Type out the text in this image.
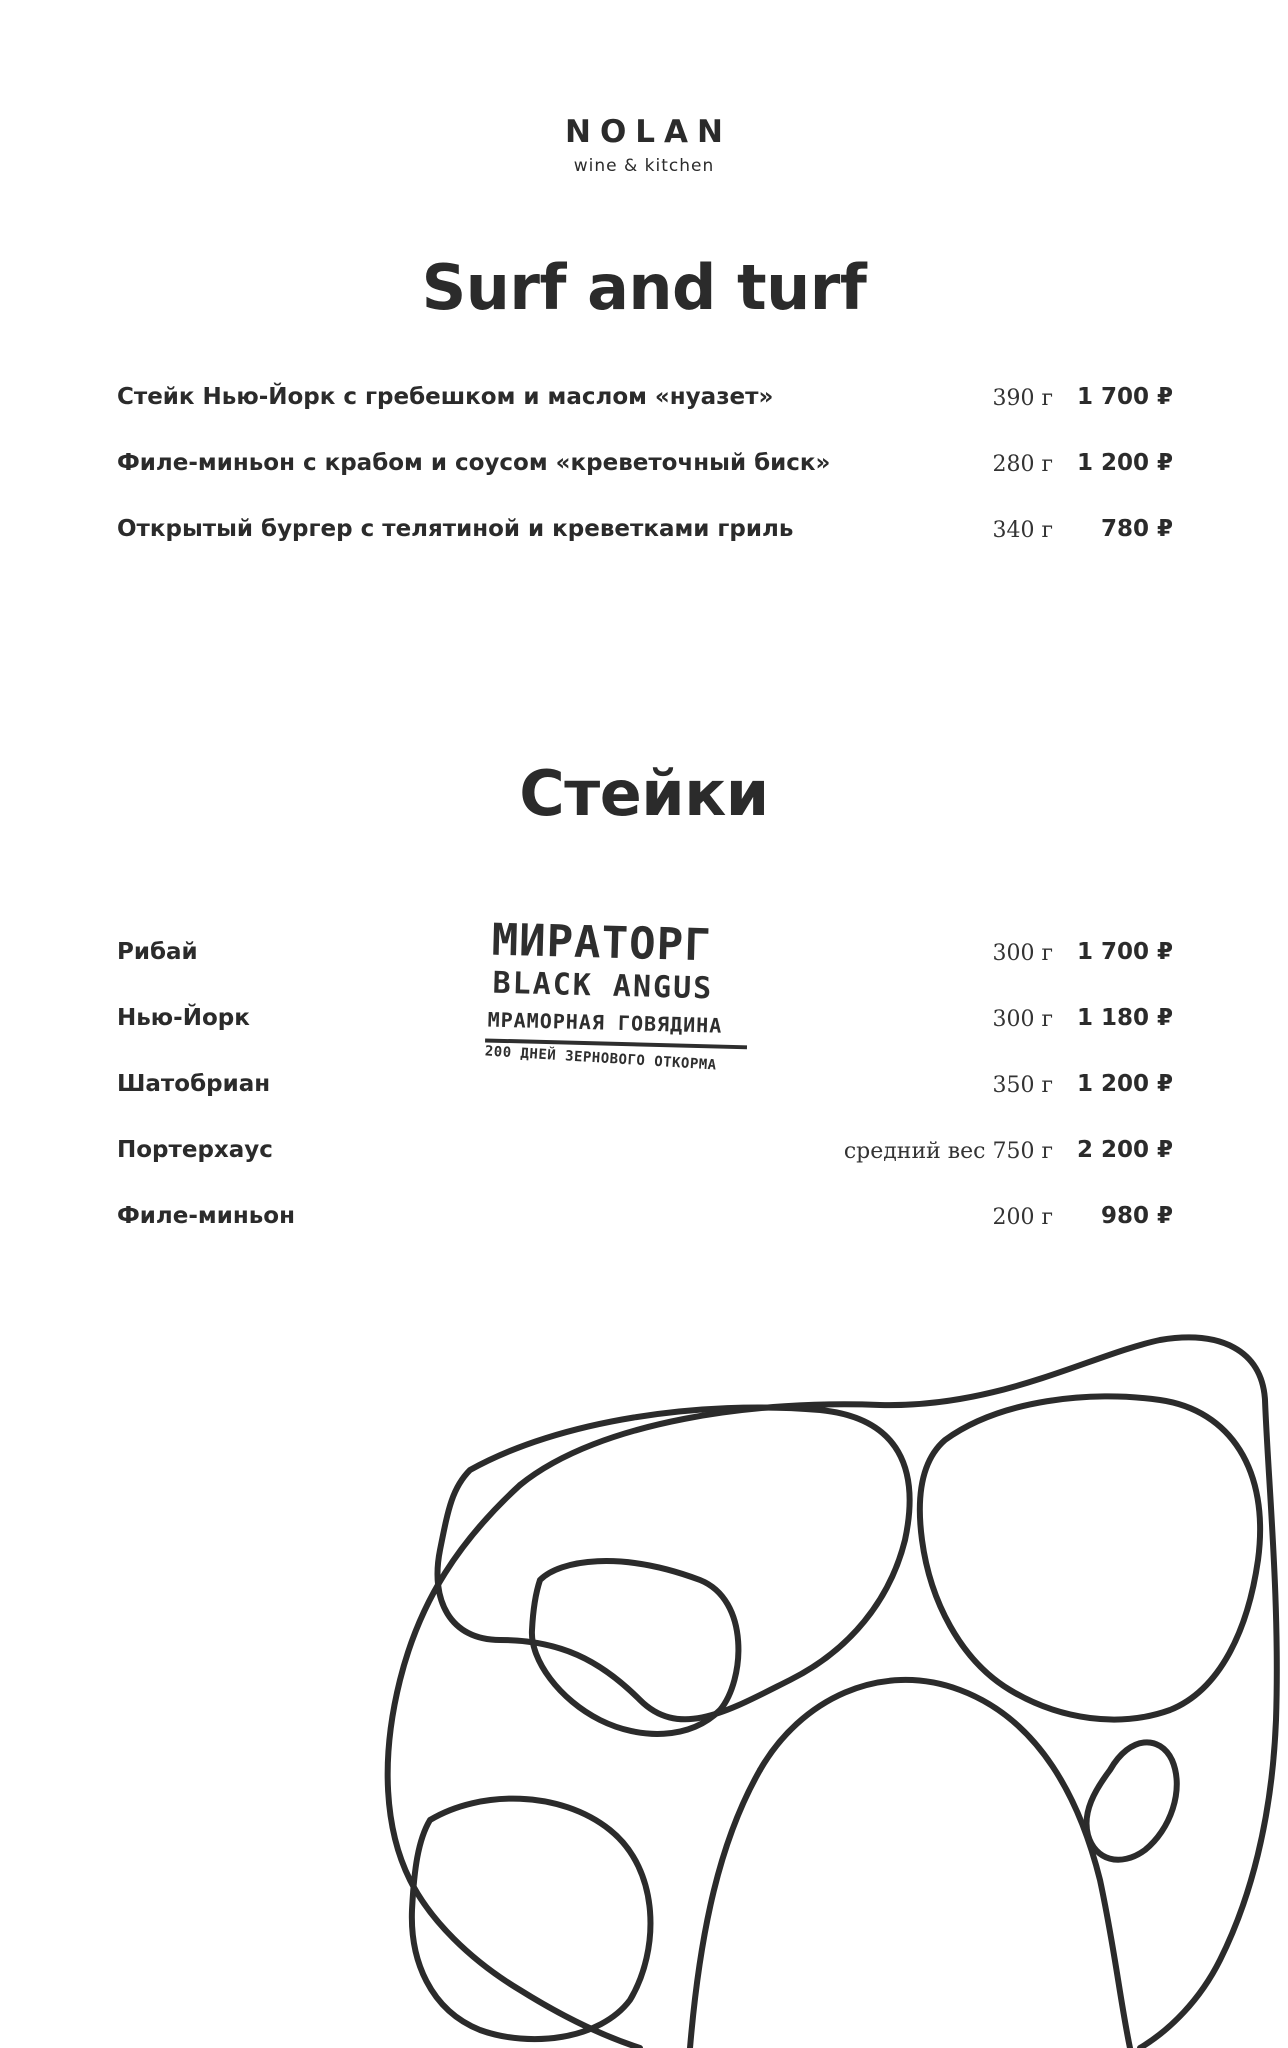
NOLAN
wine & kitchen
Surf and turf
Стейк Нью-Йорк с гребешком и маслом «нуазет»	390 г 1 700 ₽
Филе-миньон с крабом и соусом «креветочный биск»	280 г 1 200 ₽
Открытый бургер с телятиной и креветками гриль	340 г 780 ₽
Стейки
Рибай	300 г 1 700 ₽
Нью-Йорк	300 г 1 180 ₽
Шатобриан	350 г 1 200 ₽
Портерхаус	средний вес 750 г 2 200 ₽
Филе-миньон	200 г 980 ₽
МИРАТОРГ
BLACK ANGUS
МРАМОРНАЯ ГОВЯДИНА
200 ДНЕЙ ЗЕРНОВОГО ОТКОРМА
